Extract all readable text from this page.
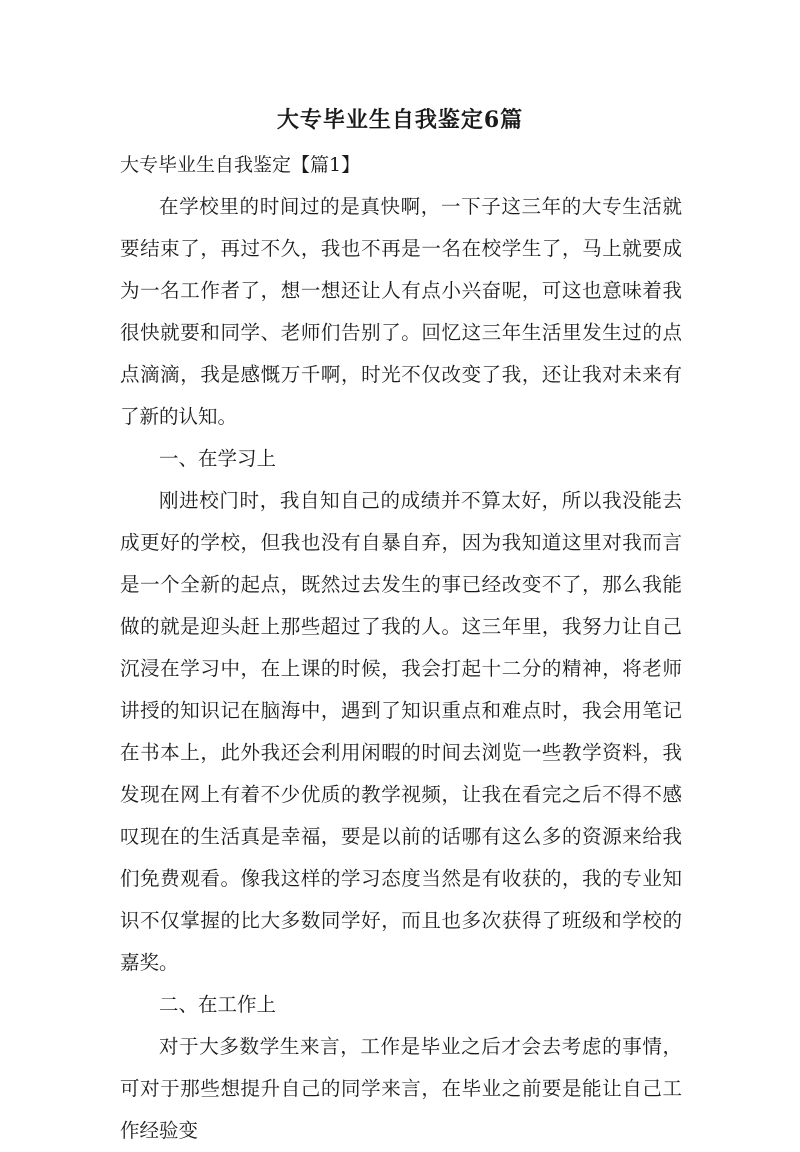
大专毕业生自我鉴定6篇
大专毕业生自我鉴定【篇1】

在学校里的时间过的是真快啊，一下子这三年的大专生活就要结束了，再过不久，我也不再是一名在校学生了，马上就要成为一名工作者了，想一想还让人有点小兴奋呢，可这也意味着我很快就要和同学、老师们告别了。回忆这三年生活里发生过的点点滴滴，我是感慨万千啊，时光不仅改变了我，还让我对未来有了新的认知。

一、在学习上

刚进校门时，我自知自己的成绩并不算太好，所以我没能去成更好的学校，但我也没有自暴自弃，因为我知道这里对我而言是一个全新的起点，既然过去发生的事已经改变不了，那么我能做的就是迎头赶上那些超过了我的人。这三年里，我努力让自己沉浸在学习中，在上课的时候，我会打起十二分的精神，将老师讲授的知识记在脑海中，遇到了知识重点和难点时，我会用笔记在书本上，此外我还会利用闲暇的时间去浏览一些教学资料，我发现在网上有着不少优质的教学视频，让我在看完之后不得不感叹现在的生活真是幸福，要是以前的话哪有这么多的资源来给我们免费观看。像我这样的学习态度当然是有收获的，我的专业知识不仅掌握的比大多数同学好，而且也多次获得了班级和学校的嘉奖。

二、在工作上

对于大多数学生来言，工作是毕业之后才会去考虑的事情，可对于那些想提升自己的同学来言，在毕业之前要是能让自己工作经验变
